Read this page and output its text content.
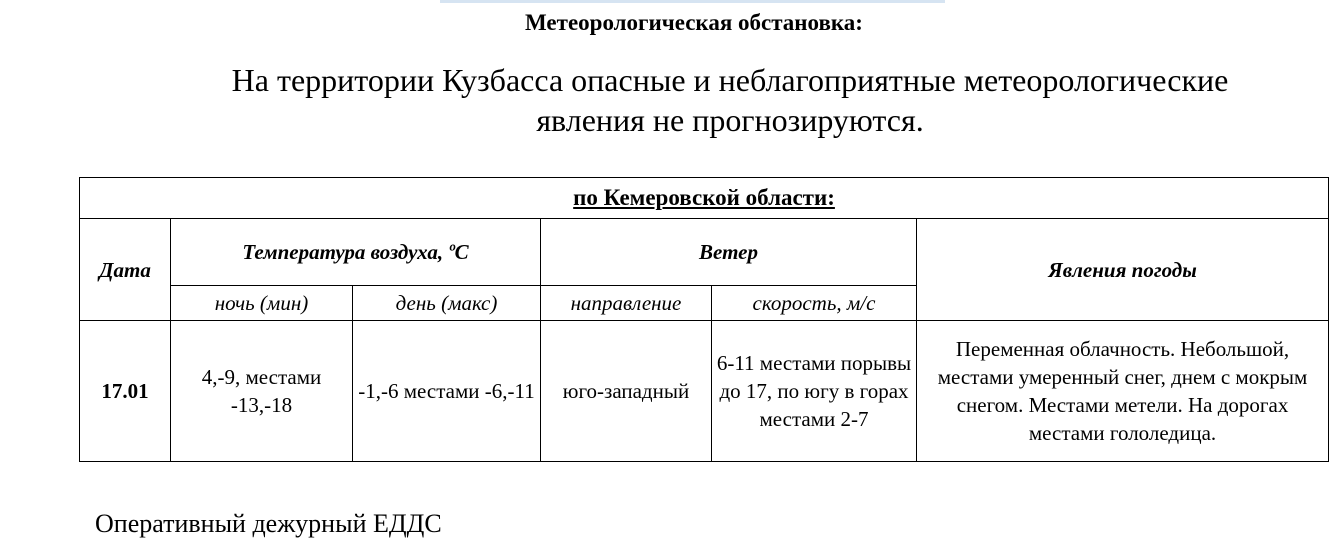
Метеорологическая обстановка:
На территории Кузбасса опасные и неблагоприятные метеорологические явления не прогнозируются.
по Кемеровской области:					
Дата	Температура воздуха, ºС		Ветер		Явления погоды
	ночь (мин)	день (макс)	направление	скорость, м/с	
17.01	4,-9, местами -13,-18	-1,-6 местами -6,-11	юго-западный	6-11 местами порывы до 17, по югу в горах местами 2-7	Переменная облачность. Небольшой, местами умеренный снег, днем с мокрым снегом. Местами метели. На дорогах местами гололедица.
Оперативный дежурный ЕДДС
